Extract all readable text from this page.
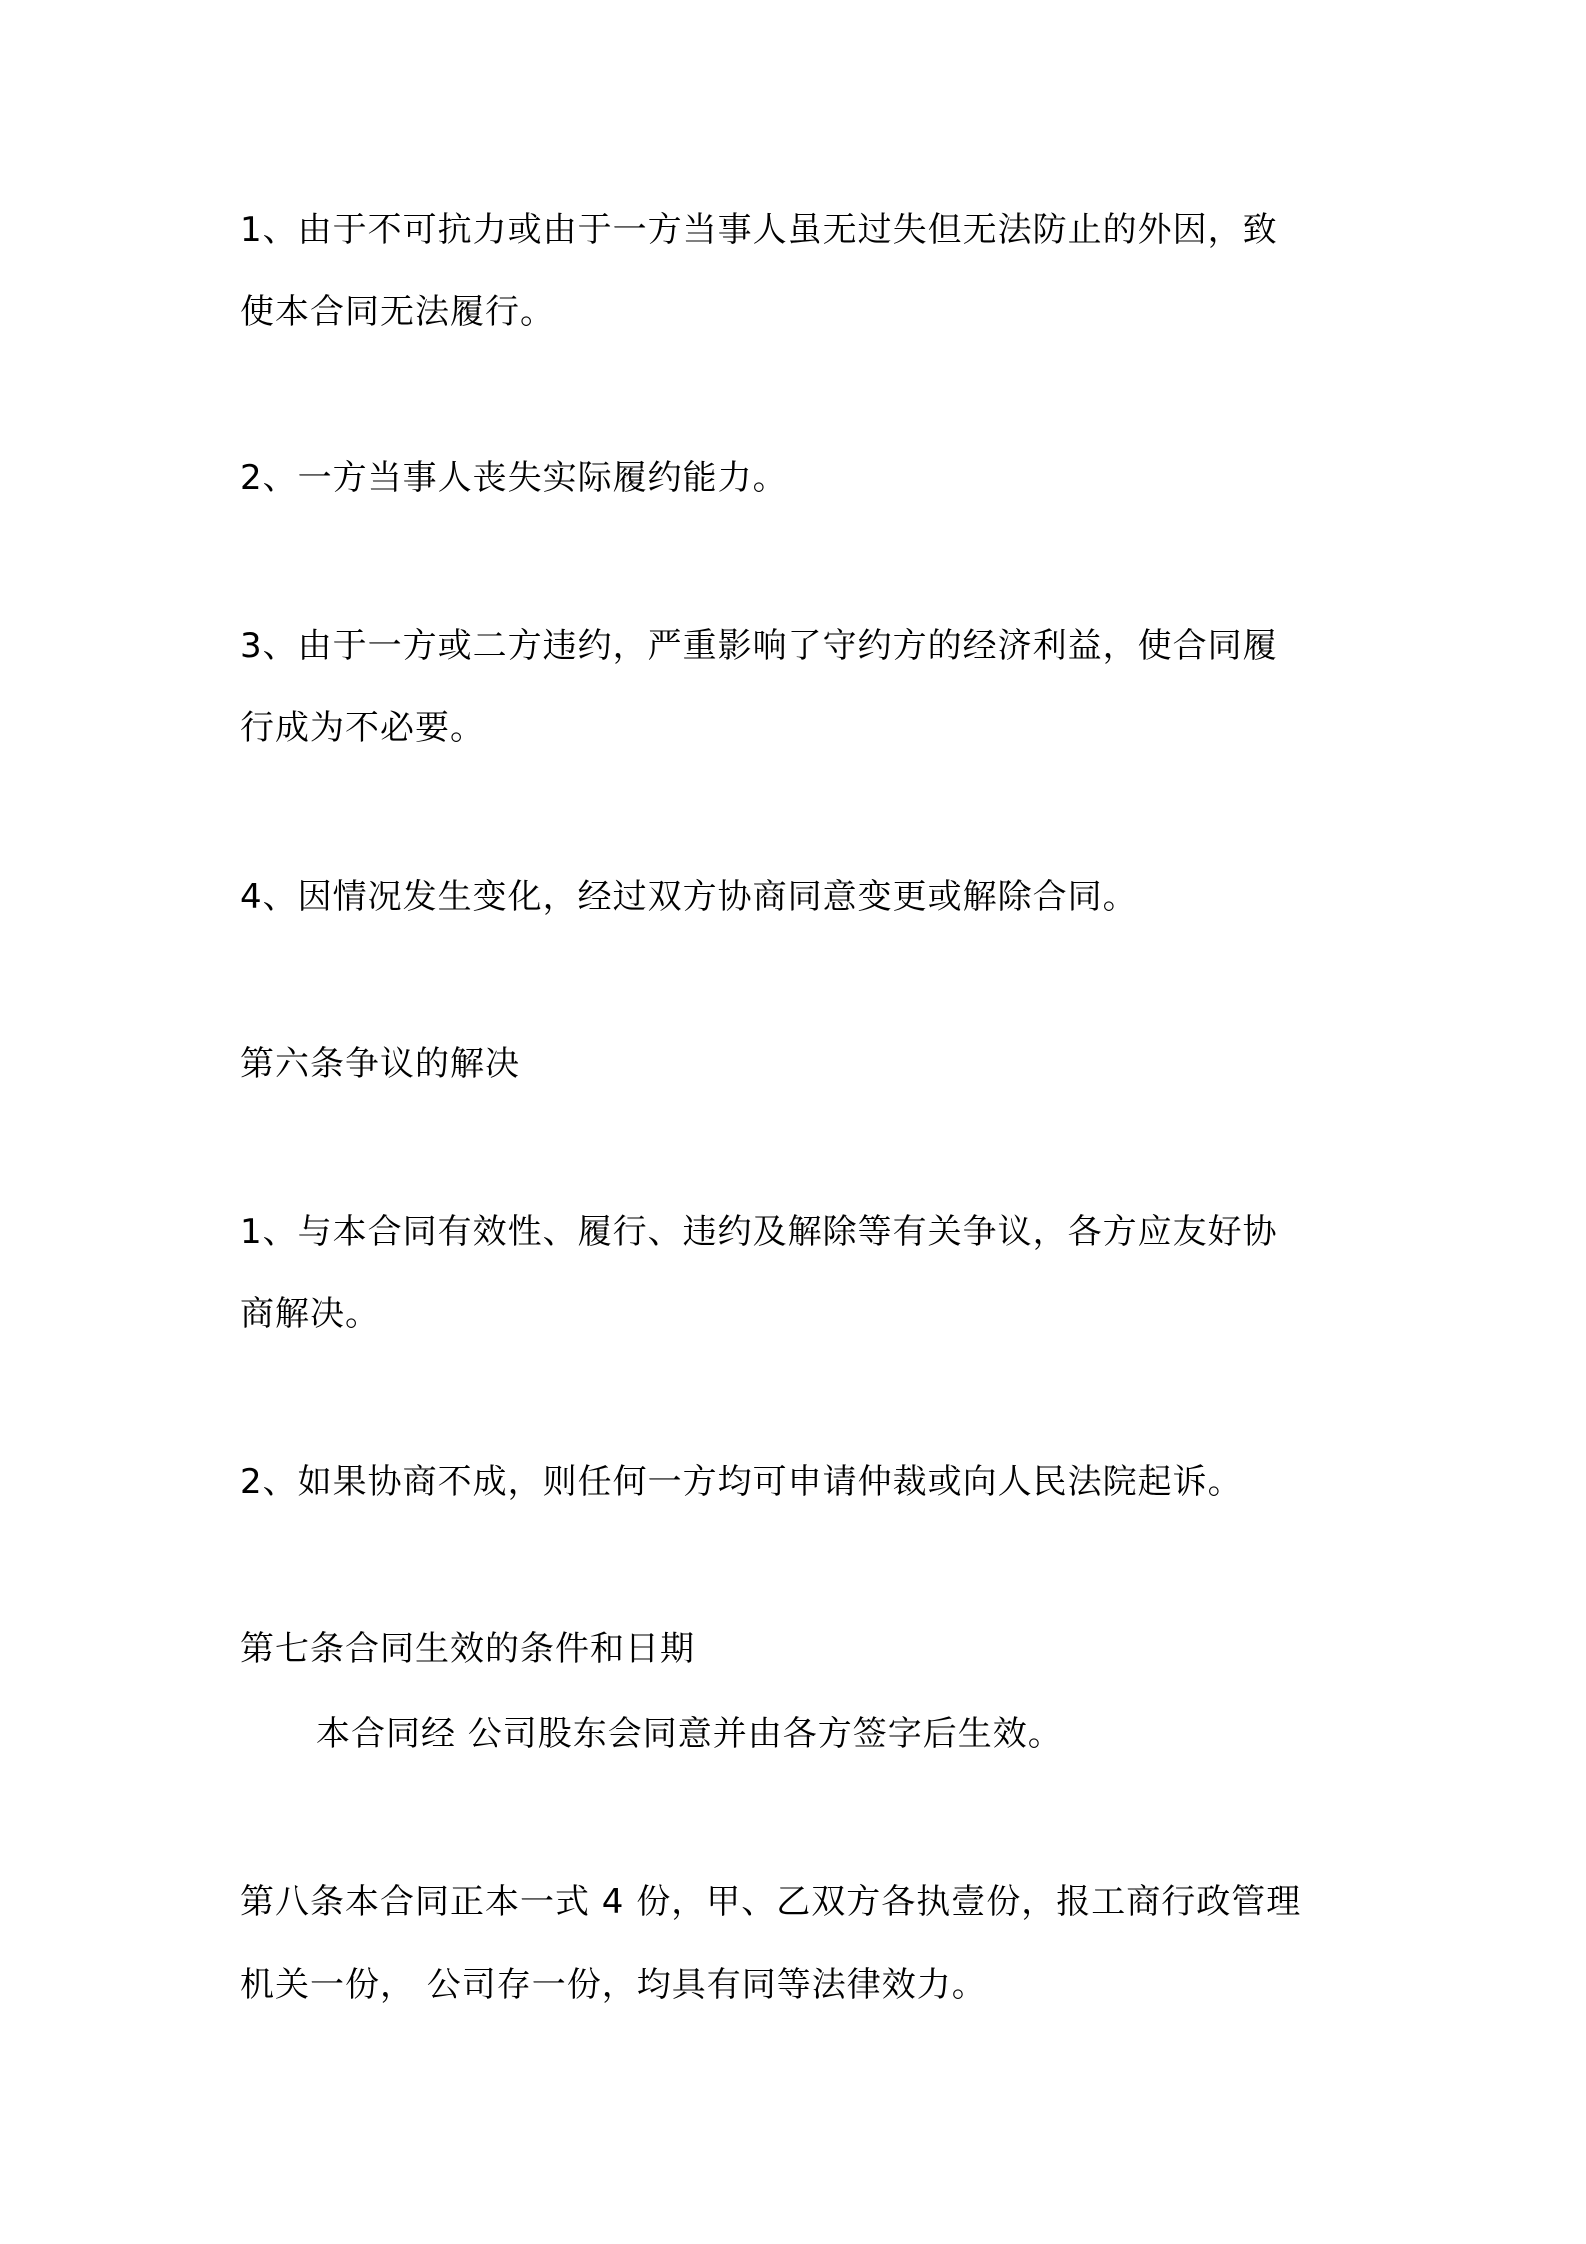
1、由于不可抗力或由于一方当事人虽无过失但无法防止的外因，致

使本合同无法履行。

2、一方当事人丧失实际履约能力。

3、由于一方或二方违约，严重影响了守约方的经济利益，使合同履

行成为不必要。

4、因情况发生变化，经过双方协商同意变更或解除合同。

第六条争议的解决

1、与本合同有效性、履行、违约及解除等有关争议，各方应友好协

商解决。

2、如果协商不成，则任何一方均可申请仲裁或向人民法院起诉。

第七条合同生效的条件和日期

本合同经 公司股东会同意并由各方签字后生效。

第八条本合同正本一式 4 份，甲、乙双方各执壹份，报工商行政管理

机关一份， 公司存一份，均具有同等法律效力。
